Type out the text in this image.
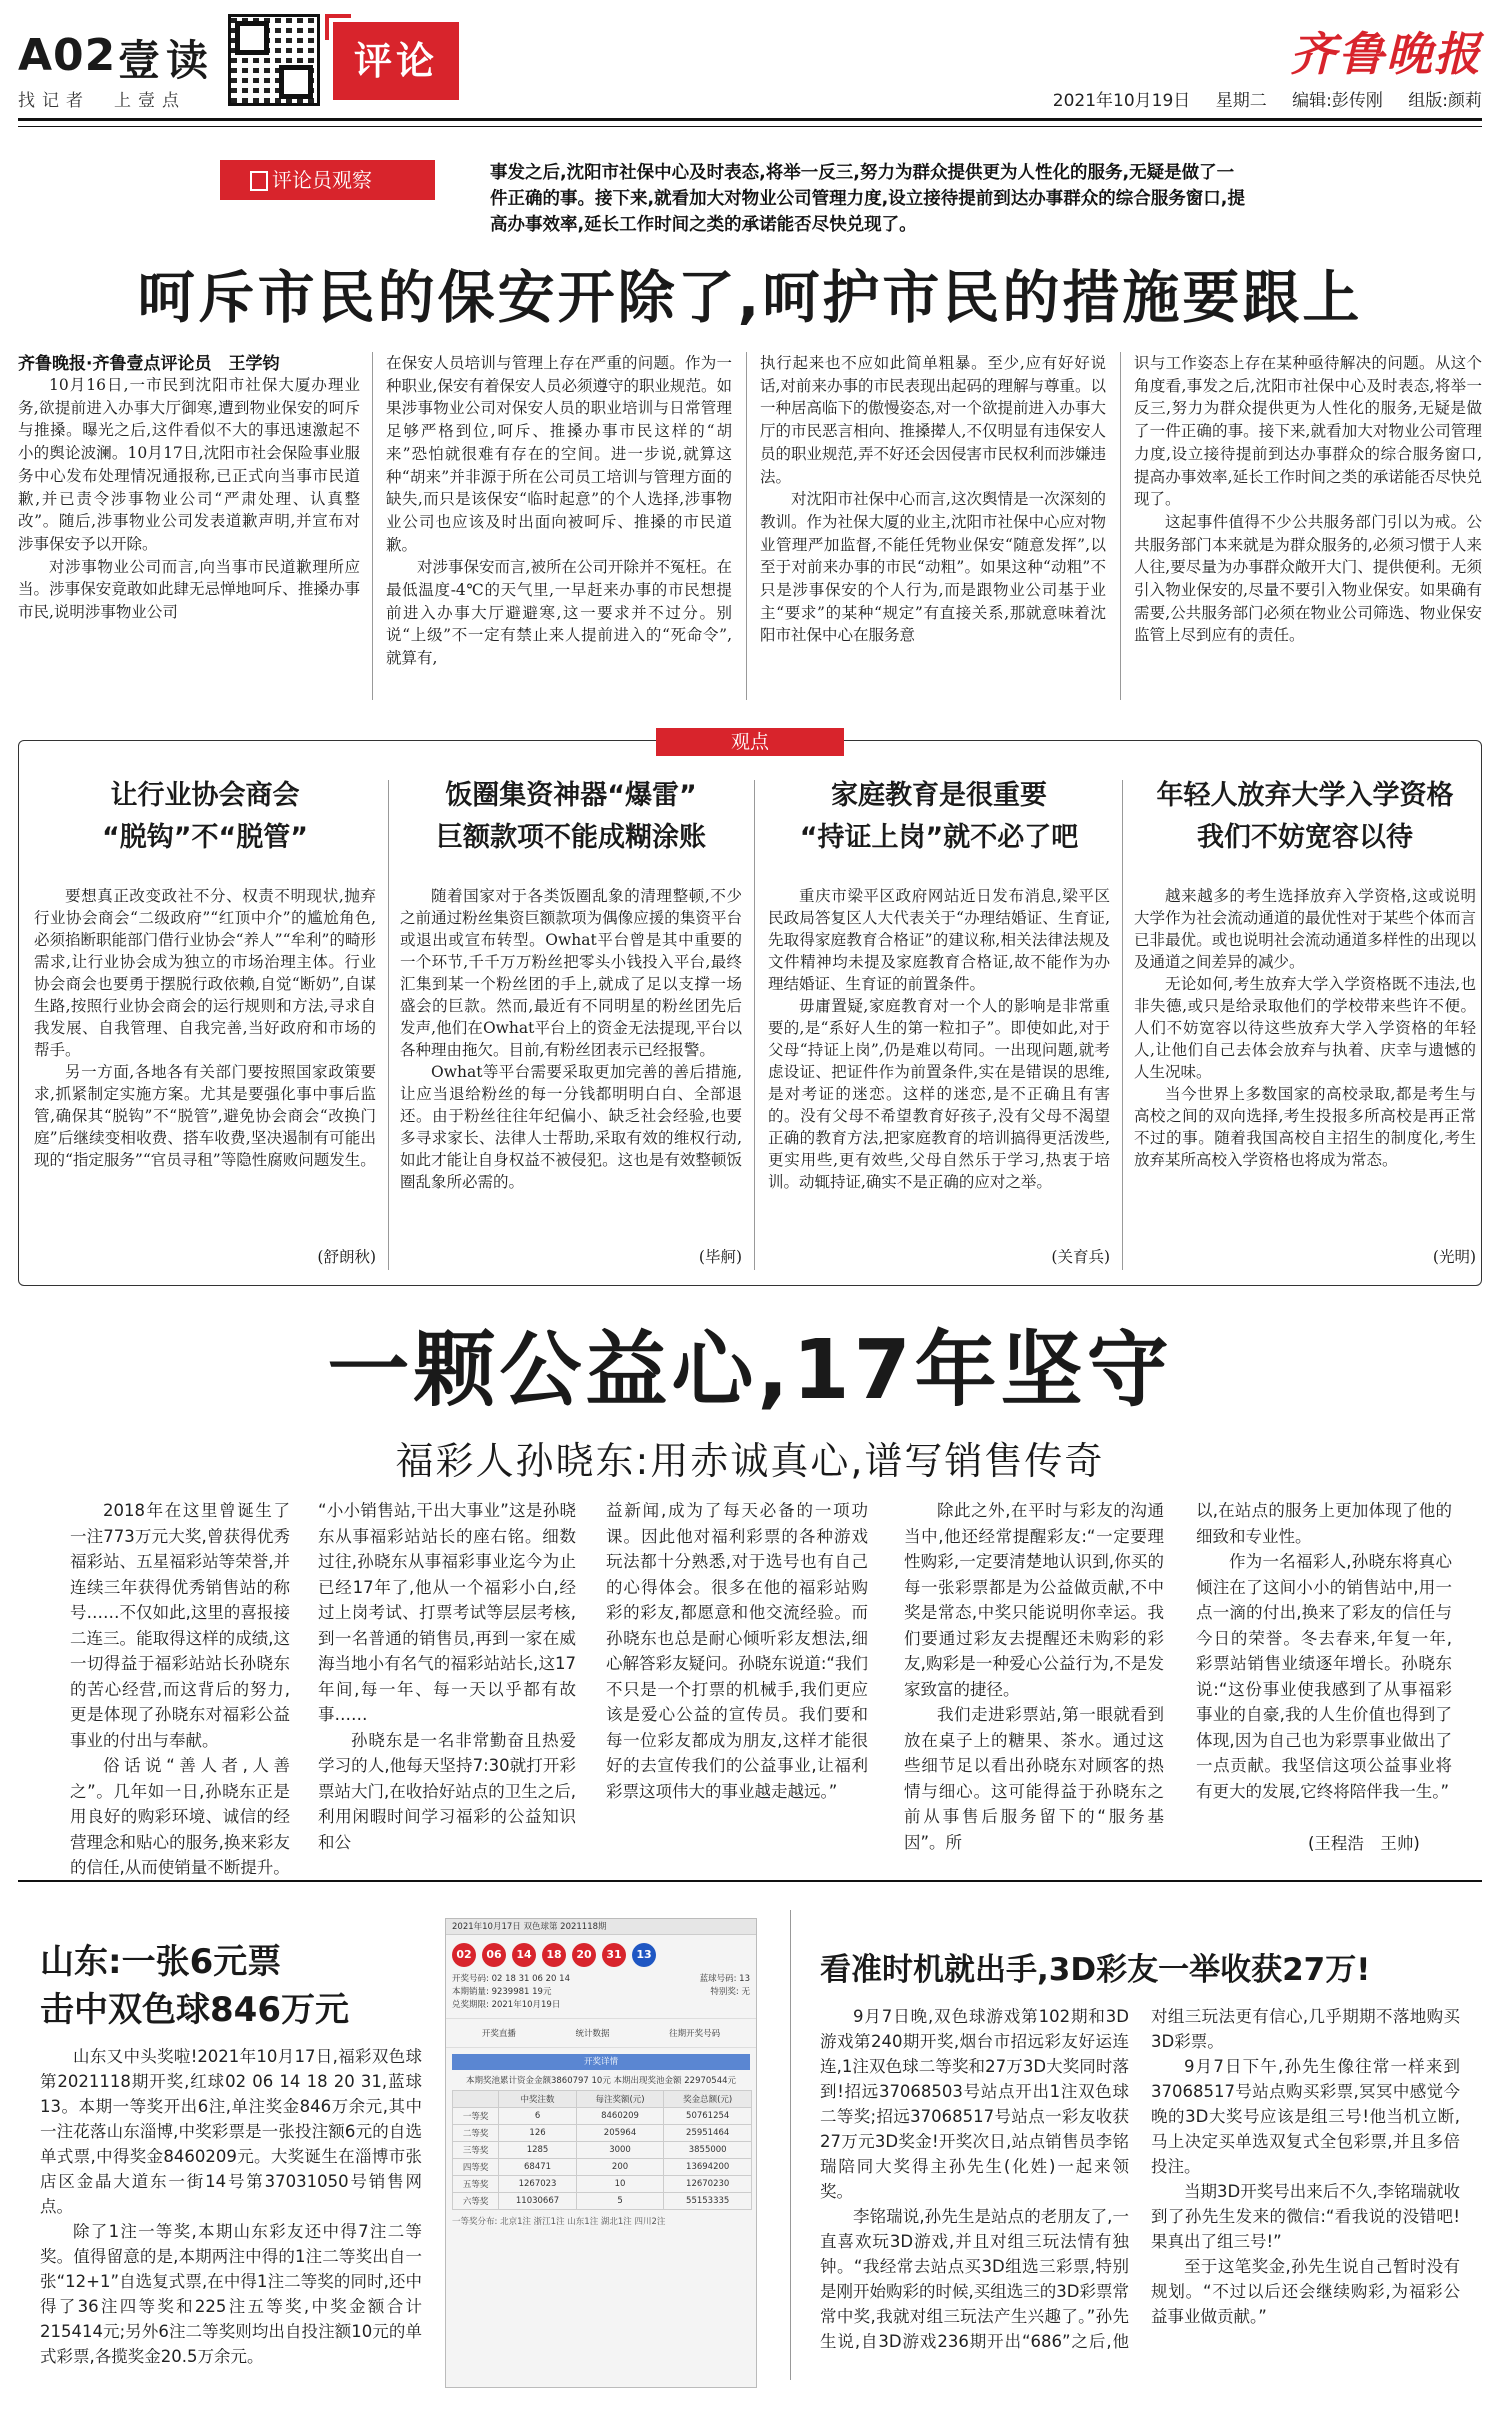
A02 壹读
找记者　上壹点
评论	齐鲁晚报
2021年10月19日 星期二 编辑:彭传刚 组版:颜莉
评论员观察	事发之后,沈阳市社保中心及时表态,将举一反三,努力为群众提供更为人性化的服务,无疑是做了一件正确的事。接下来,就看加大对物业公司管理力度,设立接待提前到达办事群众的综合服务窗口,提高办事效率,延长工作时间之类的承诺能否尽快兑现了。
呵斥市民的保安开除了,呵护市民的措施要跟上
齐鲁晚报·齐鲁壹点评论员　王学钧

10月16日,一市民到沈阳市社保大厦办理业务,欲提前进入办事大厅御寒,遭到物业保安的呵斥与推搡。曝光之后,这件看似不大的事迅速激起不小的舆论波澜。10月17日,沈阳市社会保险事业服务中心发布处理情况通报称,已正式向当事市民道歉,并已责令涉事物业公司“严肃处理、认真整改”。随后,涉事物业公司发表道歉声明,并宣布对涉事保安予以开除。

对涉事物业公司而言,向当事市民道歉理所应当。涉事保安竟敢如此肆无忌惮地呵斥、推搡办事市民,说明涉事物业公司

在保安人员培训与管理上存在严重的问题。作为一种职业,保安有着保安人员必须遵守的职业规范。如果涉事物业公司对保安人员的职业培训与日常管理足够严格到位,呵斥、推搡办事市民这样的“胡来”恐怕就很难有存在的空间。进一步说,就算这种“胡来”并非源于所在公司员工培训与管理方面的缺失,而只是该保安“临时起意”的个人选择,涉事物业公司也应该及时出面向被呵斥、推搡的市民道歉。

对涉事保安而言,被所在公司开除并不冤枉。在最低温度-4℃的天气里,一早赶来办事的市民想提前进入办事大厅避避寒,这一要求并不过分。别说“上级”不一定有禁止来人提前进入的“死命令”,就算有,

执行起来也不应如此简单粗暴。至少,应有好好说话,对前来办事的市民表现出起码的理解与尊重。以一种居高临下的傲慢姿态,对一个欲提前进入办事大厅的市民恶言相向、推搡撵人,不仅明显有违保安人员的职业规范,弄不好还会因侵害市民权利而涉嫌违法。

对沈阳市社保中心而言,这次舆情是一次深刻的教训。作为社保大厦的业主,沈阳市社保中心应对物业管理严加监督,不能任凭物业保安“随意发挥”,以至于对前来办事的市民“动粗”。如果这种“动粗”不只是涉事保安的个人行为,而是跟物业公司基于业主“要求”的某种“规定”有直接关系,那就意味着沈阳市社保中心在服务意

识与工作姿态上存在某种亟待解决的问题。从这个角度看,事发之后,沈阳市社保中心及时表态,将举一反三,努力为群众提供更为人性化的服务,无疑是做了一件正确的事。接下来,就看加大对物业公司管理力度,设立接待提前到达办事群众的综合服务窗口,提高办事效率,延长工作时间之类的承诺能否尽快兑现了。

这起事件值得不少公共服务部门引以为戒。公共服务部门本来就是为群众服务的,必须习惯于人来人往,要尽量为办事群众敞开大门、提供便利。无须引入物业保安的,尽量不要引入物业保安。如果确有需要,公共服务部门必须在物业公司筛选、物业保安监管上尽到应有的责任。

观点
让行业协会商会
“脱钩”不“脱管”

要想真正改变政社不分、权责不明现状,抛弃行业协会商会“二级政府”“红顶中介”的尴尬角色,必须掐断职能部门借行业协会“养人”“牟利”的畸形需求,让行业协会成为独立的市场治理主体。行业协会商会也要勇于摆脱行政依赖,自觉“断奶”,自谋生路,按照行业协会商会的运行规则和方法,寻求自我发展、自我管理、自我完善,当好政府和市场的帮手。

另一方面,各地各有关部门要按照国家政策要求,抓紧制定实施方案。尤其是要强化事中事后监管,确保其“脱钩”不“脱管”,避免协会商会“改换门庭”后继续变相收费、搭车收费,坚决遏制有可能出现的“指定服务”“官员寻租”等隐性腐败问题发生。

(舒朗秋)
饭圈集资神器“爆雷”
巨额款项不能成糊涂账

随着国家对于各类饭圈乱象的清理整顿,不少之前通过粉丝集资巨额款项为偶像应援的集资平台或退出或宣布转型。Owhat平台曾是其中重要的一个环节,千千万万粉丝把零头小钱投入平台,最终汇集到某一个粉丝团的手上,就成了足以支撑一场盛会的巨款。然而,最近有不同明星的粉丝团先后发声,他们在Owhat平台上的资金无法提现,平台以各种理由拖欠。目前,有粉丝团表示已经报警。

Owhat等平台需要采取更加完善的善后措施,让应当退给粉丝的每一分钱都明明白白、全部退还。由于粉丝往往年纪偏小、缺乏社会经验,也要多寻求家长、法律人士帮助,采取有效的维权行动,如此才能让自身权益不被侵犯。这也是有效整顿饭圈乱象所必需的。

(毕舸)
家庭教育是很重要
“持证上岗”就不必了吧

重庆市梁平区政府网站近日发布消息,梁平区民政局答复区人大代表关于“办理结婚证、生育证,先取得家庭教育合格证”的建议称,相关法律法规及文件精神均未提及家庭教育合格证,故不能作为办理结婚证、生育证的前置条件。

毋庸置疑,家庭教育对一个人的影响是非常重要的,是“系好人生的第一粒扣子”。即使如此,对于父母“持证上岗”,仍是难以苟同。一出现问题,就考虑设证、把证件作为前置条件,实在是错误的思维,是对考证的迷恋。这样的迷恋,是不正确且有害的。没有父母不希望教育好孩子,没有父母不渴望正确的教育方法,把家庭教育的培训搞得更活泼些,更实用些,更有效些,父母自然乐于学习,热衷于培训。动辄持证,确实不是正确的应对之举。

(关育兵)
年轻人放弃大学入学资格
我们不妨宽容以待

越来越多的考生选择放弃入学资格,这或说明大学作为社会流动通道的最优性对于某些个体而言已非最优。或也说明社会流动通道多样性的出现以及通道之间差异的减少。

无论如何,考生放弃大学入学资格既不违法,也非失德,或只是给录取他们的学校带来些许不便。人们不妨宽容以待这些放弃大学入学资格的年轻人,让他们自己去体会放弃与执着、庆幸与遗憾的人生况味。

当今世界上多数国家的高校录取,都是考生与高校之间的双向选择,考生投报多所高校是再正常不过的事。随着我国高校自主招生的制度化,考生放弃某所高校入学资格也将成为常态。

(光明)
一颗公益心,17年坚守
福彩人孙晓东:用赤诚真心,谱写销售传奇

2018年在这里曾诞生了一注773万元大奖,曾获得优秀福彩站、五星福彩站等荣誉,并连续三年获得优秀销售站的称号……不仅如此,这里的喜报接二连三。能取得这样的成绩,这一切得益于福彩站站长孙晓东的苦心经营,而这背后的努力,更是体现了孙晓东对福彩公益事业的付出与奉献。

俗话说“善人者,人善之”。几年如一日,孙晓东正是用良好的购彩环境、诚信的经营理念和贴心的服务,换来彩友的信任,从而使销量不断提升。

“小小销售站,干出大事业”这是孙晓东从事福彩站站长的座右铭。细数过往,孙晓东从事福彩事业迄今为止已经17年了,他从一个福彩小白,经过上岗考试、打票考试等层层考核,到一名普通的销售员,再到一家在威海当地小有名气的福彩站站长,这17年间,每一年、每一天以乎都有故事……

孙晓东是一名非常勤奋且热爱学习的人,他每天坚持7:30就打开彩票站大门,在收拾好站点的卫生之后,利用闲暇时间学习福彩的公益知识和公

益新闻,成为了每天必备的一项功课。因此他对福利彩票的各种游戏玩法都十分熟悉,对于选号也有自己的心得体会。很多在他的福彩站购彩的彩友,都愿意和他交流经验。而孙晓东也总是耐心倾听彩友想法,细心解答彩友疑问。孙晓东说道:“我们不只是一个打票的机械手,我们更应该是爱心公益的宣传员。我们要和每一位彩友都成为朋友,这样才能很好的去宣传我们的公益事业,让福利彩票这项伟大的事业越走越远。”

除此之外,在平时与彩友的沟通当中,他还经常提醒彩友:“一定要理性购彩,一定要清楚地认识到,你买的每一张彩票都是为公益做贡献,不中奖是常态,中奖只能说明你幸运。我们要通过彩友去提醒还未购彩的彩友,购彩是一种爱心公益行为,不是发家致富的捷径。

我们走进彩票站,第一眼就看到放在桌子上的糖果、茶水。通过这些细节足以看出孙晓东对顾客的热情与细心。这可能得益于孙晓东之前从事售后服务留下的“服务基因”。所

以,在站点的服务上更加体现了他的细致和专业性。

作为一名福彩人,孙晓东将真心倾注在了这间小小的销售站中,用一点一滴的付出,换来了彩友的信任与今日的荣誉。冬去春来,年复一年,彩票站销售业绩逐年增长。孙晓东说:“这份事业使我感到了从事福彩事业的自豪,我的人生价值也得到了体现,因为自己也为彩票事业做出了一点贡献。我坚信这项公益事业将有更大的发展,它终将陪伴我一生。”

(王程浩　王帅)
山东:一张6元票
击中双色球846万元

山东又中头奖啦!2021年10月17日,福彩双色球第2021118期开奖,红球02 06 14 18 20 31,蓝球13。本期一等奖开出6注,单注奖金846万余元,其中一注花落山东淄博,中奖彩票是一张投注额6元的自选单式票,中得奖金8460209元。大奖诞生在淄博市张店区金晶大道东一街14号第37031050号销售网点。

除了1注一等奖,本期山东彩友还中得7注二等奖。值得留意的是,本期两注中得的1注二等奖出自一张“12+1”自选复式票,在中得1注二等奖的同时,还中得了36注四等奖和225注五等奖,中奖金额合计215414元;另外6注二等奖则均出自投注额10元的单式彩票,各揽奖金20.5万余元。

2021年10月17日 双色球第 2021118期
02	06	14	18	20	31	13
开奖号码: 02 18 31 06 20 14	蓝球号码: 13
本期销量: 9239981 19元	特别奖: 无
兑奖期限: 2021年10月19日
开奖直播	统计数据	往期开奖号码
开奖详情
本期奖池累计资金金额3860797 10元 本期出现奖池金额 22970544元
	中奖注数	每注奖额(元)	奖金总额(元)
一等奖	6	8460209	50761254
二等奖	126	205964	25951464
三等奖	1285	3000	3855000
四等奖	68471	200	13694200
五等奖	1267023	10	12670230
六等奖	11030667	5	55153335
一等奖分布: 北京1注 浙江1注 山东1注 湖北1注 四川2注
看准时机就出手,3D彩友一举收获27万!

9月7日晚,双色球游戏第102期和3D游戏第240期开奖,烟台市招远彩友好运连连,1注双色球二等奖和27万3D大奖同时落到!招远37068503号站点开出1注双色球二等奖;招远37068517号站点一彩友收获27万元3D奖金!开奖次日,站点销售员李铭瑞陪同大奖得主孙先生(化姓)一起来领奖。

李铭瑞说,孙先生是站点的老朋友了,一直喜欢玩3D游戏,并且对组三玩法情有独钟。“我经常去站点买3D组选三彩票,特别是刚开始购彩的时候,买组选三的3D彩票常常中奖,我就对组三玩法产生兴趣了。”孙先生说,自3D游戏236期开出“686”之后,他对组三玩法更有信心,几乎期期不落地购买3D彩票。

9月7日下午,孙先生像往常一样来到37068517号站点购买彩票,冥冥中感觉今晚的3D大奖号应该是组三号!他当机立断,马上决定买单选双复式全包彩票,并且多倍投注。

当期3D开奖号出来后不久,李铭瑞就收到了孙先生发来的微信:“看我说的没错吧!果真出了组三号!”

至于这笔奖金,孙先生说自己暂时没有规划。“不过以后还会继续购彩,为福彩公益事业做贡献。”
